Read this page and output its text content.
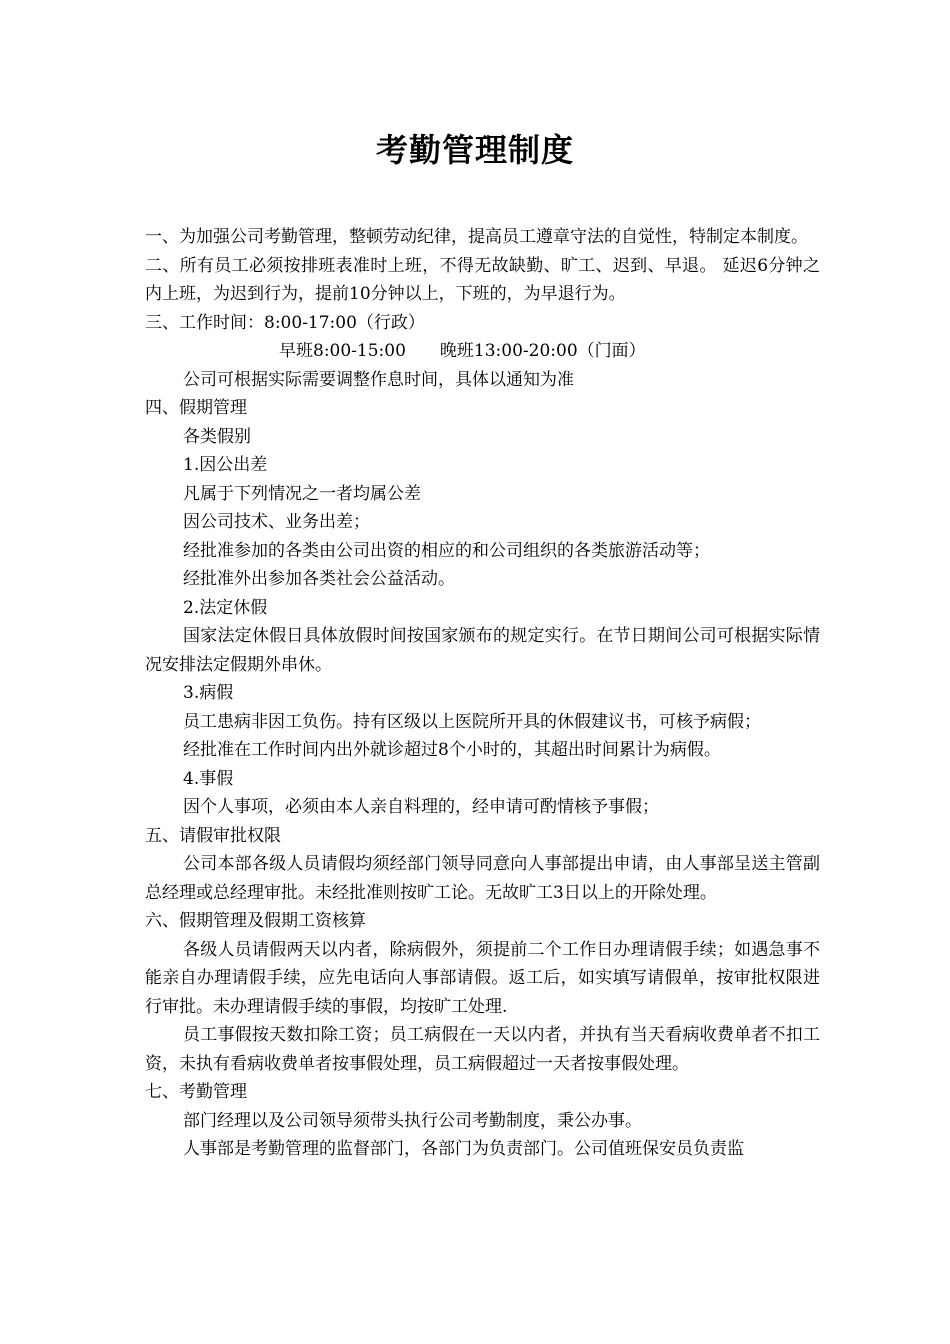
考勤管理制度

一、为加强公司考勤管理，整顿劳动纪律，提高员工遵章守法的自觉性，特制定本制度。

二、所有员工必须按排班表准时上班，不得无故缺勤、旷工、迟到、早退。 延迟6分钟之内上班，为迟到行为，提前10分钟以上，下班的，为早退行为。

三、工作时间：8:00-17:00（行政）

早班8:00-15:00　　晚班13:00-20:00（门面）

公司可根据实际需要调整作息时间，具体以通知为准

四、假期管理

各类假别

1.因公出差

凡属于下列情况之一者均属公差

因公司技术、业务出差；

经批准参加的各类由公司出资的相应的和公司组织的各类旅游活动等；

经批准外出参加各类社会公益活动。

2.法定休假

国家法定休假日具体放假时间按国家颁布的规定实行。在节日期间公司可根据实际情况安排法定假期外串休。

3.病假

员工患病非因工负伤。持有区级以上医院所开具的休假建议书，可核予病假；

经批准在工作时间内出外就诊超过8个小时的，其超出时间累计为病假。

4.事假

因个人事项，必须由本人亲自料理的，经申请可酌情核予事假；

五、请假审批权限

公司本部各级人员请假均须经部门领导同意向人事部提出申请，由人事部呈送主管副总经理或总经理审批。未经批准则按旷工论。无故旷工3日以上的开除处理。

六、假期管理及假期工资核算

各级人员请假两天以内者，除病假外，须提前二个工作日办理请假手续；如遇急事不能亲自办理请假手续，应先电话向人事部请假。返工后，如实填写请假单，按审批权限进行审批。未办理请假手续的事假，均按旷工处理.

员工事假按天数扣除工资；员工病假在一天以内者，并执有当天看病收费单者不扣工资，未执有看病收费单者按事假处理，员工病假超过一天者按事假处理。

七、考勤管理

部门经理以及公司领导须带头执行公司考勤制度，秉公办事。

人事部是考勤管理的监督部门，各部门为负责部门。公司值班保安员负责监
